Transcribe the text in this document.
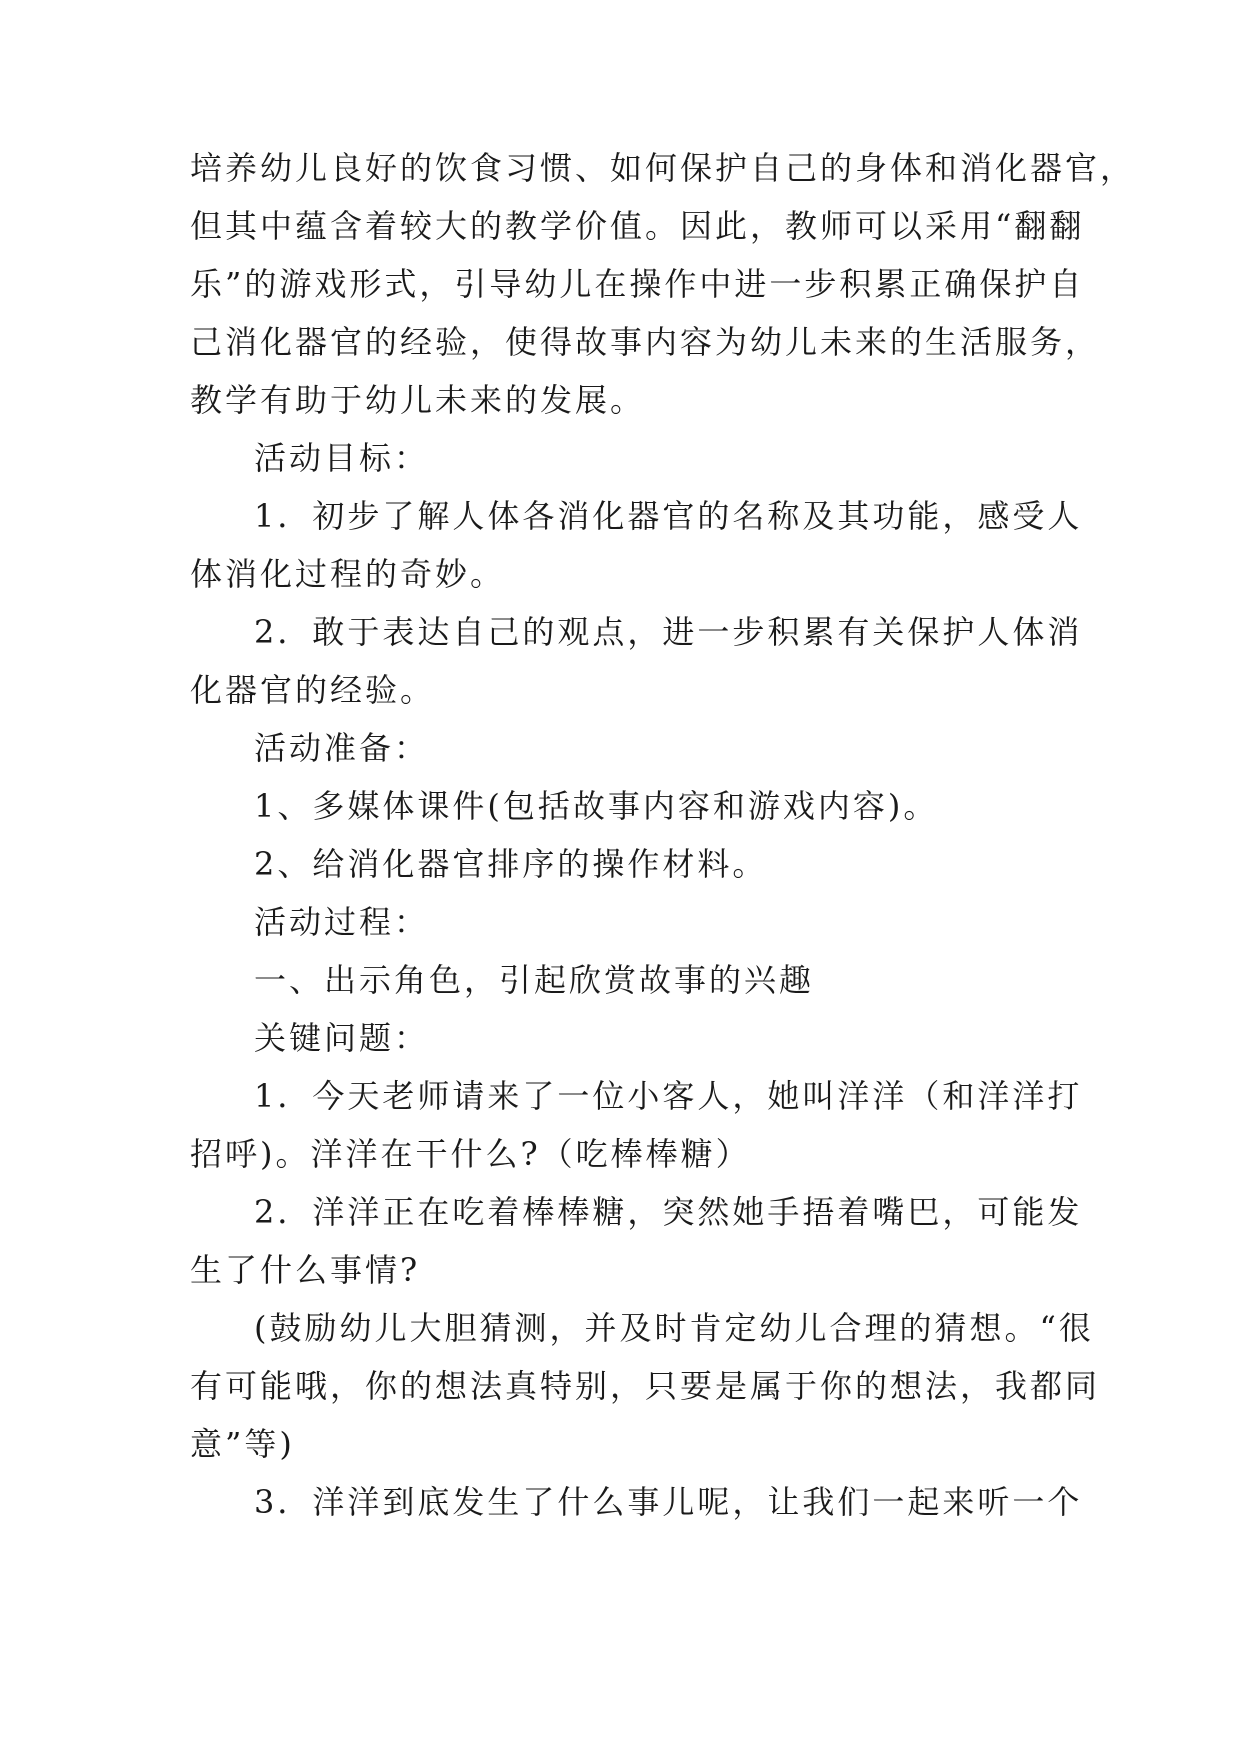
培养幼儿良好的饮食习惯、如何保护自己的身体和消化器官，
但其中蕴含着较大的教学价值。因此，教师可以采用“翻翻
乐”的游戏形式，引导幼儿在操作中进一步积累正确保护自
己消化器官的经验，使得故事内容为幼儿未来的生活服务，
教学有助于幼儿未来的发展。
活动目标：
1．初步了解人体各消化器官的名称及其功能，感受人
体消化过程的奇妙。
2．敢于表达自己的观点，进一步积累有关保护人体消
化器官的经验。
活动准备：
1、多媒体课件(包括故事内容和游戏内容)。
2、给消化器官排序的操作材料。
活动过程：
一、出示角色，引起欣赏故事的兴趣
关键问题：
1．今天老师请来了一位小客人，她叫洋洋（和洋洋打
招呼)。洋洋在干什么?（吃棒棒糖）
2．洋洋正在吃着棒棒糖，突然她手捂着嘴巴，可能发
生了什么事情?
(鼓励幼儿大胆猜测，并及时肯定幼儿合理的猜想。“很
有可能哦，你的想法真特别，只要是属于你的想法，我都同
意”等)
3．洋洋到底发生了什么事儿呢，让我们一起来听一个
